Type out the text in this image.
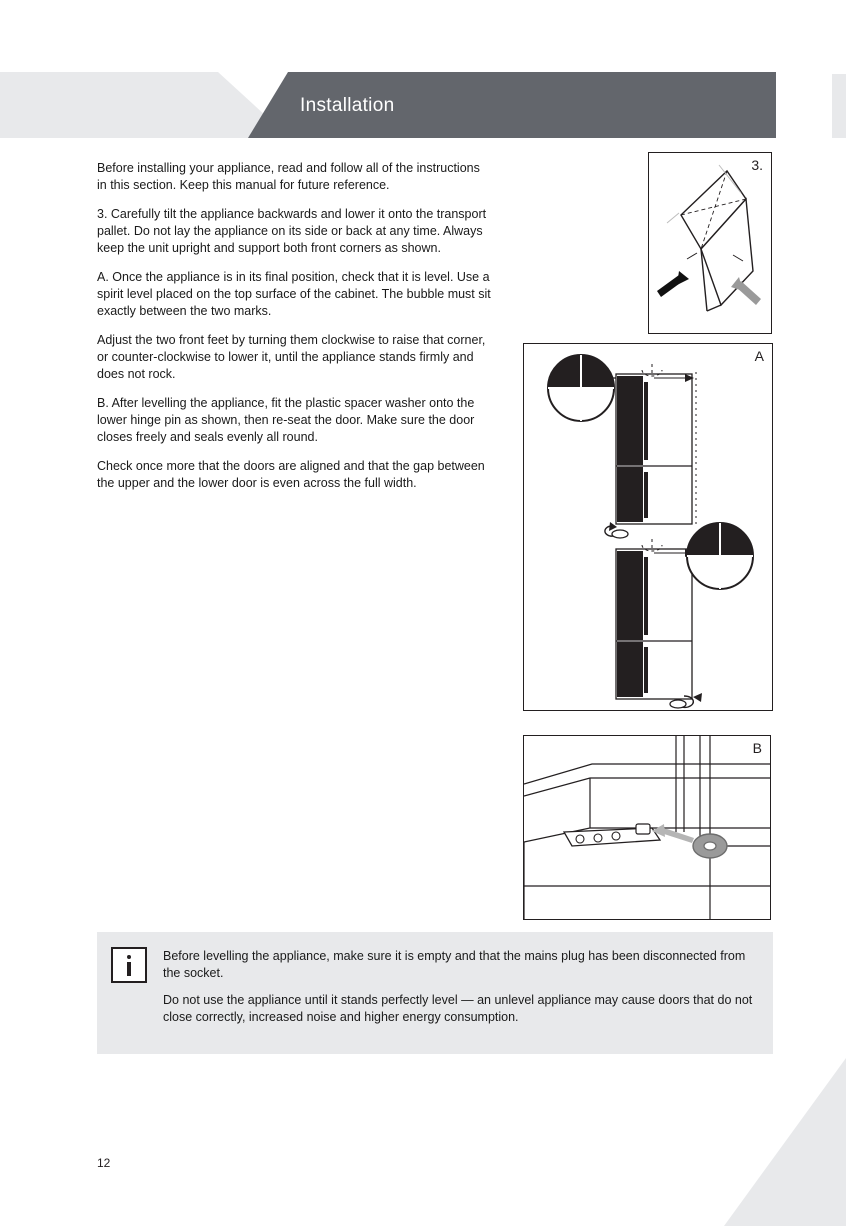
Installation

Before installing your appliance, read and follow all of the instructions in this section. Keep this manual for future reference.

3. Carefully tilt the appliance backwards and lower it onto the transport pallet. Do not lay the appliance on its side or back at any time. Always keep the unit upright and support both front corners as shown.

A. Once the appliance is in its final position, check that it is level. Use a spirit level placed on the top surface of the cabinet. The bubble must sit exactly between the two marks.

Adjust the two front feet by turning them clockwise to raise that corner, or counter-clockwise to lower it, until the appliance stands firmly and does not rock.

B. After levelling the appliance, fit the plastic spacer washer onto the lower hinge pin as shown, then re-seat the door. Make sure the door closes freely and seals evenly all round.

Check once more that the doors are aligned and that the gap between the upper and the lower door is even across the full width.

3.
A
B

Before levelling the appliance, make sure it is empty and that the mains plug has been disconnected from the socket.

Do not use the appliance until it stands perfectly level — an unlevel appliance may cause doors that do not close correctly, increased noise and higher energy consumption.

12
